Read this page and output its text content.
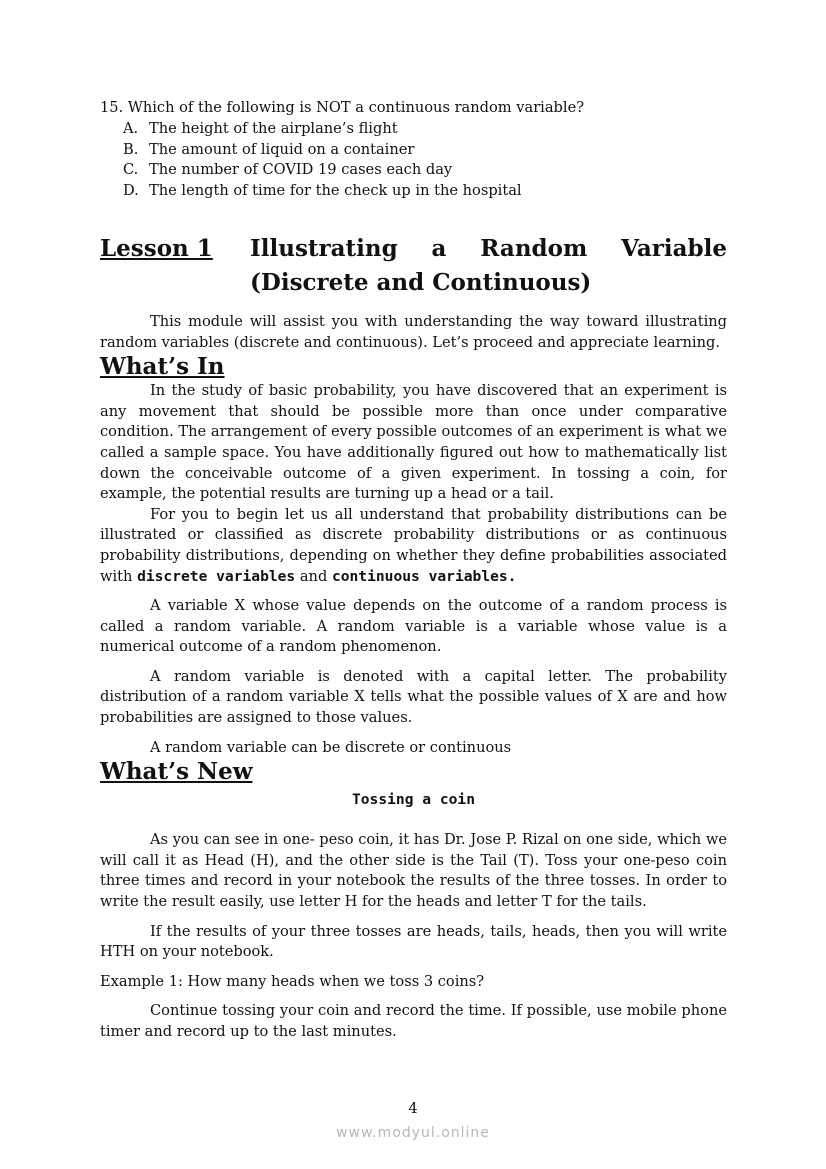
15. Which of the following is NOT a continuous random variable?
A. The height of the airplane’s flight
B. The amount of liquid on a container
C. The number of COVID 19 cases each day
D. The length of time for the check up in the hospital
Lesson 1	Illustrating a Random Variable
(Discrete and Continuous)

This module will assist you with understanding the way toward illustrating random variables (discrete and continuous). Let’s proceed and appreciate learning.

What’s In

In the study of basic probability, you have discovered that an experiment is any movement that should be possible more than once under comparative condition. The arrangement of every possible outcomes of an experiment is what we called a sample space. You have additionally figured out how to mathematically list down the conceivable outcome of a given experiment. In tossing a coin, for example, the potential results are turning up a head or a tail.

For you to begin let us all understand that probability distributions can be illustrated or classified as discrete probability distributions or as continuous probability distributions, depending on whether they define probabilities associated with discrete variables and continuous variables.

A variable X whose value depends on the outcome of a random process is called a random variable. A random variable is a variable whose value is a numerical outcome of a random phenomenon.

A random variable is denoted with a capital letter. The probability distribution of a random variable X tells what the possible values of X are and how probabilities are assigned to those values.

A random variable can be discrete or continuous

What’s New
Tossing a coin

As you can see in one- peso coin, it has Dr. Jose P. Rizal on one side, which we will call it as Head (H), and the other side is the Tail (T). Toss your one-peso coin three times and record in your notebook the results of the three tosses. In order to write the result easily, use letter H for the heads and letter T for the tails.

If the results of your three tosses are heads, tails, heads, then you will write HTH on your notebook.

Example 1: How many heads when we toss 3 coins?

Continue tossing your coin and record the time. If possible, use mobile phone timer and record up to the last minutes.

4
www.modyul.online
